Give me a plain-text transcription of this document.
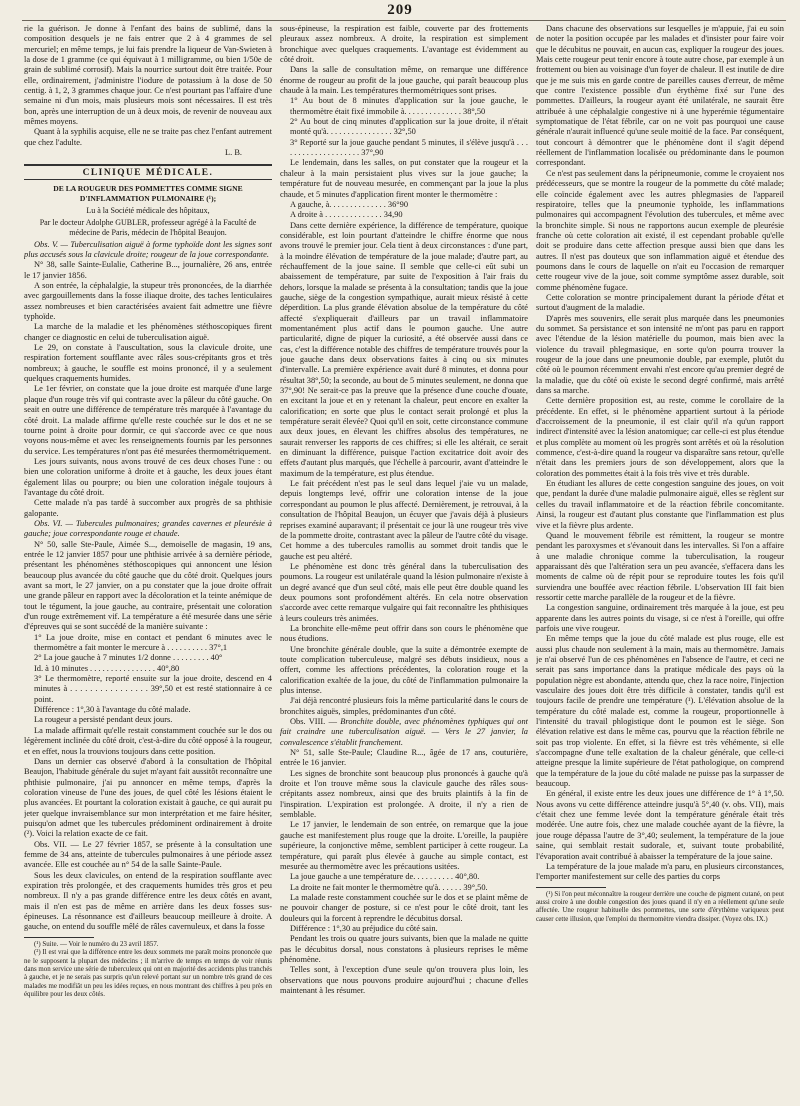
209

rie la guérison. Je donne à l'enfant des bains de sublimé, dans la composition desquels je ne fais entrer que 2 à 4 grammes de sel mercuriel; en même temps, je lui fais prendre la liqueur de Van-Swieten à la dose de 1 gramme (ce qui équivaut à 1 milligramme, ou bien 1/50e de grain de sublimé corrosif). Mais la nourrice surtout doit être traitée. Pour elle, ordinairement, j'administre l'iodure de potassium à la dose de 50 centig. à 1, 2, 3 grammes chaque jour. Ce n'est pourtant pas l'affaire d'une semaine ni d'un mois, mais plusieurs mois sont nécessaires. Il est très bon, après une interruption de un à deux mois, de revenir de nouveau aux mêmes moyens.

Quant à la syphilis acquise, elle ne se traite pas chez l'enfant autrement que chez l'adulte.

L. B.

CLINIQUE MÉDICALE.
DE LA ROUGEUR DES POMMETTES COMME SIGNE D'INFLAMMATION PULMONAIRE (¹);
Lu à la Société médicale des hôpitaux,
Par le docteur Adolphe GUBLER, professeur agrégé à la Faculté de médecine de Paris, médecin de l'hôpital Beaujon.

Obs. V. — Tuberculisation aiguë à forme typhoïde dont les signes sont plus accusés sous la clavicule droite; rougeur de la joue correspondante.

N° 38, salle Sainte-Eulalie, Catherine B..., journalière, 26 ans, entrée le 17 janvier 1856.

A son entrée, la céphalalgie, la stupeur très prononcées, de la diarrhée avec gargouillements dans la fosse iliaque droite, des taches lenticulaires assez nombreuses et bien caractérisées avaient fait admettre une fièvre typhoïde.

La marche de la maladie et les phénomènes stéthoscopiques firent changer ce diagnostic en celui de tuberculisation aiguë.

Le 29, on constate à l'auscultation, sous la clavicule droite, une respiration fortement soufflante avec râles sous-crépitants gros et très nombreux; à gauche, le souffle est moins prononcé, il y a seulement quelques craquements humides.

Le 1er février, on constate que la joue droite est marquée d'une large plaque d'un rouge très vif qui contraste avec la pâleur du côté gauche. On seait en outre une différence de température très marquée à l'avantage du côté droit. La malade affirme qu'elle reste couchée sur le dos et ne se tourne point à droite pour dormir, ce qui s'accorde avec ce que nous voyons nous-même et avec les renseignements fournis par les personnes du service. Les températures n'ont pas été mesurées thermométriquement.

Les jours suivants, nous avons trouvé de ces deux choses l'une : ou bien une coloration uniforme à droite et à gauche, les deux joues étant également lilas ou pourpre; ou bien une coloration inégale toujours à l'avantage du côté droit.

Cette malade n'a pas tardé à succomber aux progrès de sa phthisie galopante.

Obs. VI. — Tubercules pulmonaires; grandes cavernes et pleurésie à gauche; joue correspondante rouge et chaude.

N° 50, salle Ste-Paule, Aimée S..., demoiselle de magasin, 19 ans, entrée le 12 janvier 1857 pour une phthisie arrivée à sa dernière période, présentant les phénomènes stéthoscopiques qui annoncent une lésion beaucoup plus avancée du côté gauche que du côté droit. Quelques jours avant sa mort, le 27 janvier, on a pu constater que la joue droite offrait une grande pâleur en rapport avec la décoloration et la teinte anémique de tout le tégument, la joue gauche, au contraire, présentait une coloration d'un rouge extrêmement vif. La température a été mesurée dans une série d'épreuves qui se sont succédé de la manière suivante :

1° La joue droite, mise en contact et pendant 6 minutes avec le thermomètre a fait monter le mercure à . . . . . . . . . . 37°,1

2° La joue gauche à 7 minutes 1/2 donne . . . . . . . . . 40°

Id. à 10 minutes . . . . . . . . . . . . . . . . 40°,80

3° Le thermomètre, reporté ensuite sur la joue droite, descend en 4 minutes à . . . . . . . . . . . . . . . . 39°,50 et est resté stationnaire à ce point.

Différence : 1°,30 à l'avantage du côté malade.

La rougeur a persisté pendant deux jours.

La malade affirmait qu'elle restait constamment couchée sur le dos ou légèrement inclinée du côté droit, c'est-à-dire du côté opposé à la rougeur, et en effet, nous la trouvions toujours dans cette position.

Dans un dernier cas observé d'abord à la consultation de l'hôpital Beaujon, l'habitude générale du sujet m'ayant fait aussitôt reconnaître une phthisie pulmonaire, j'ai pu annoncer en même temps, d'après la coloration vineuse de l'une des joues, de quel côté les lésions étaient le plus avancées. Et pourtant la coloration existait à gauche, ce qui aurait pu jeter quelque invraisemblance sur mon interprétation et me faire hésiter, puisqu'on admet que les tubercules prédominent ordinairement à droite (²). Voici la relation exacte de ce fait.

Obs. VII. — Le 27 février 1857, se présente à la consultation une femme de 34 ans, atteinte de tubercules pulmonaires à une période assez avancée. Elle est couchée au n° 54 de la salle Sainte-Paule.

Sous les deux clavicules, on entend de la respiration soufflante avec expiration très prolongée, et des craquements humides très gros et peu nombreux. Il n'y a pas grande différence entre les deux côtés en avant, mais il n'en est pas de même en arrière dans les deux fosses sus-épineuses. La résonnance est d'ailleurs beaucoup meilleure à droite. A gauche, on entend du souffle mêlé de râles cavernuleux, et dans la fosse

(¹) Suite. — Voir le numéro du 23 avril 1857.

(²) Il est vrai que la différence entre les deux sommets me paraît moins prononcée que ne le supposent la plupart des médecins ; il m'arrive de temps en temps de voir réunis dans mon service une série de tuberculeux qui ont en majorité des accidents plus tranchés à gauche, et je ne serais pas surpris qu'un relevé portant sur un nombre très grand de ces malades me modifiât un peu les idées reçues, en nous montrant des chiffres à peu près en équilibre pour les deux côtés.

sous-épineuse, la respiration est faible, couverte par des frottements pleuraux assez nombreux. A droite, la respiration est simplement bronchique avec quelques craquements. L'avantage est évidemment au côté droit.

Dans la salle de consultation même, on remarque une différence énorme de rougeur au profit de la joue gauche, qui paraît beaucoup plus chaude à la main. Les températures thermométriques sont prises.

1° Au bout de 8 minutes d'application sur la joue gauche, le thermomètre était fixé immobile à. . . . . . . . . . . . . . 38°,50

2° Au bout de cinq minutes d'application sur la joue droite, il n'était monté qu'à. . . . . . . . . . . . . . . . 32°,50

3° Reporté sur la joue gauche pendant 5 minutes, il s'élève jusqu'à . . . . . . . . . . . . . . . . . . . . 37°,90

Le lendemain, dans les salles, on put constater que la rougeur et la chaleur à la main persistaient plus vives sur la joue gauche; la température fut de nouveau mesurée, en commençant par la joue la plus chaude, et 5 minutes d'application firent monter le thermomètre :

A gauche, à. . . . . . . . . . . . . . 36°90

A droite à . . . . . . . . . . . . . . 34,90

Dans cette dernière expérience, la différence de température, quoique considérable, est loin pourtant d'atteindre le chiffre énorme que nous avons trouvé le premier jour. Cela tient à deux circonstances : d'une part, à la moindre élévation de température de la joue malade; d'autre part, au réchauffement de la joue saine. Il semble que celle-ci eût subi un abaissement de température, par suite de l'exposition à l'air frais du dehors, lorsque la malade se présenta à la consultation; tandis que la joue gauche, siège de la congestion sympathique, aurait mieux résisté à cette déperdition. La plus grande élévation absolue de la température du côté affecté s'expliquerait d'ailleurs par un travail inflammatoire momentanément plus actif dans le poumon gauche. Une autre particularité, digne de piquer la curiosité, a été observée aussi dans ce cas, c'est la différence notable des chiffres de température trouvés pour la joue gauche dans deux observations faites à cinq ou six minutes d'intervalle. La première expérience avait duré 8 minutes, et donna pour résultat 38°,50; la seconde, au bout de 5 minutes seulement, ne donna que 37°,90! Ne serait-ce pas la preuve que la présence d'une couche d'ouate, en excitant la joue et en y retenant la chaleur, peut encore en exalter la calorification; en sorte que plus le contact serait prolongé et plus la température serait élevée? Quoi qu'il en soit, cette circonstance commune aux deux joues, en élevant les chiffres absolus des températures, ne saurait renverser les rapports de ces chiffres; si elle les altérait, ce serait en diminuant la différence, puisque l'action excitatrice doit avoir des effets d'autant plus marqués, que l'échelle à parcourir, avant d'atteindre le maximum de la température, est plus étendue.

Le fait précédent n'est pas le seul dans lequel j'aie vu un malade, depuis longtemps levé, offrir une coloration intense de la joue correspondant au poumon le plus affecté. Dernièrement, je retrouvai, à la consultation de l'hôpital Beaujon, un écuyer que j'avais déjà à plusieurs reprises examiné auparavant; il présentait ce jour là une rougeur très vive de la pommette droite, contrastant avec la pâleur de l'autre côté du visage. Cet homme a des tubercules ramollis au sommet droit tandis que le gauche est peu altéré.

Le phénomène est donc très général dans la tuberculisation des poumons. La rougeur est unilatérale quand la lésion pulmonaire n'existe à un degré avancé que d'un seul côté, mais elle peut être double quand les deux poumons sont profondément altérés. En cela notre observation s'accorde avec cette remarque vulgaire qui fait reconnaître les phthisiques à leurs couleurs très animées.

La bronchite elle-même peut offrir dans son cours le phénomène que nous étudions.

Une bronchite générale double, que la suite a démontrée exempte de toute complication tuberculeuse, malgré ses débuts insidieux, nous a offert, comme les affections précédentes, la coloration rouge et la calorification exaltée de la joue, du côté de l'inflammation pulmonaire la plus intense.

J'ai déjà rencontré plusieurs fois la même particularité dans le cours de bronchites aiguës, simples, prédominantes d'un côté.

Obs. VIII. — Bronchite double, avec phénomènes typhiques qui ont fait craindre une tuberculisation aiguë. — Vers le 27 janvier, la convalescence s'établit franchement.

N° 51, salle Ste-Paule; Claudine R..., âgée de 17 ans, couturière, entrée le 16 janvier.

Les signes de bronchite sont beaucoup plus prononcés à gauche qu'à droite et l'on trouve même sous la clavicule gauche des râles sous-crépitants assez nombreux, ainsi que des bruits plaintifs à la fin de l'inspiration. L'expiration est prolongée. A droite, il n'y a rien de semblable.

Le 17 janvier, le lendemain de son entrée, on remarque que la joue gauche est manifestement plus rouge que la droite. L'oreille, la paupière supérieure, la conjonctive même, semblent participer à cette rougeur. La température, qui paraît plus élevée à gauche au simple contact, est mesurée au thermomètre avec les précautions usitées.

La joue gauche a une température de. . . . . . . . . . 40°,80.

La droite ne fait monter le thermomètre qu'à. . . . . . 39°,50.

La malade reste constamment couchée sur le dos et se plaint même de ne pouvoir changer de posture, si ce n'est pour le côté droit, tant les douleurs qui la forcent à reprendre le décubitus dorsal.

Différence : 1°,30 au préjudice du côté sain.

Pendant les trois ou quatre jours suivants, bien que la malade ne quitte pas le décubitus dorsal, nous constatons à plusieurs reprises le même phénomène.

Telles sont, à l'exception d'une seule qu'on trouvera plus loin, les observations que nous pouvons produire aujourd'hui ; chacune d'elles maintenant à les résumer.

Dans chacune des observations sur lesquelles je m'appuie, j'ai eu soin de noter la position occupée par les malades et d'insister pour faire voir que le décubitus ne pouvait, en aucun cas, expliquer la rougeur des joues. Mais cette rougeur peut tenir encore à toute autre chose, par exemple à un frottement ou bien au voisinage d'un foyer de chaleur. Il est inutile de dire que je me suis mis en garde contre de pareilles causes d'erreur, de même que contre l'existence possible d'un érythème fixé sur l'une des pommettes. D'ailleurs, la rougeur ayant été unilatérale, ne saurait être attribuée à une céphalalgie congestive ni à une hyperémie tégumentaire symptomatique de l'état fébrile, car on ne voit pas pourquoi une cause générale n'aurait influencé qu'une seule moitié de la face. Par conséquent, tout concourt à démontrer que le phénomène dont il s'agit dépend réellement de l'inflammation localisée ou prédominante dans le poumon correspondant.

Ce n'est pas seulement dans la péripneumonie, comme le croyaient nos prédécesseurs, que se montre la rougeur de la pommette du côté malade; elle coïncide également avec les autres phlegmasies de l'appareil respiratoire, telles que la pneumonie typhoïde, les inflammations pulmonaires qui accompagnent l'évolution des tubercules, et même avec la bronchite simple. Si nous ne rapportons aucun exemple de pleurésie franche où cette coloration ait existé, il est cependant probable qu'elle doit se produire dans cette affection presque aussi bien que dans les autres. Il n'est pas douteux que son inflammation aiguë et étendue des poumons dans le cours de laquelle on n'ait eu l'occasion de remarquer cette rougeur vive de la joue, soit comme symptôme assez durable, soit comme phénomène fugace.

Cette coloration se montre principalement durant la période d'état et surtout d'augment de la maladie.

D'après mes souvenirs, elle serait plus marquée dans les pneumonies du sommet. Sa persistance et son intensité ne m'ont pas paru en rapport avec l'étendue de la lésion matérielle du poumon, mais bien avec la violence du travail phlegmasique, en sorte qu'on pourra trouver la rougeur de la joue dans une pneumonie double, par exemple, plutôt du côté où le poumon récemment envahi n'est encore qu'au premier degré de la maladie, que du côté où existe le second degré confirmé, mais arrêté dans sa marche.

Cette dernière proposition est, au reste, comme le corollaire de la précédente. En effet, si le phénomène appartient surtout à la période d'accroissement de la pneumonie, il est clair qu'il n'a qu'un rapport indirect d'intensité avec la lésion anatomique; car celle-ci est plus étendue et plus complète au moment où les progrès sont arrêtés et où la résolution commence, c'est-à-dire quand la rougeur va disparaître sans retour, qu'elle n'était dans les premiers jours de son développement, alors que la coloration des pommettes était à la fois très vive et très durable.

En étudiant les allures de cette congestion sanguine des joues, on voit que, pendant la durée d'une maladie pulmonaire aiguë, elles se règlent sur celles du travail inflammatoire et de la réaction fébrile concomitante. Ainsi, la rougeur est d'autant plus constante que l'inflammation est plus vive et la fièvre plus ardente.

Quand le mouvement fébrile est rémittent, la rougeur se montre pendant les paroxysmes et s'évanouit dans les intervalles. Si l'on a affaire à une maladie chronique comme la tuberculisation, la rougeur apparaissant dès que l'altération sera un peu avancée, s'effacera dans les moments de calme où de répit pour se reproduire toutes les fois qu'il surviendra une bouffée avec réaction fébrile. L'observation III fait bien ressortir cette marche parallèle de la rougeur et de la fièvre.

La congestion sanguine, ordinairement très marquée à la joue, est peu apparente dans les autres points du visage, si ce n'est à l'oreille, qui offre parfois une vive rougeur.

En même temps que la joue du côté malade est plus rouge, elle est aussi plus chaude non seulement à la main, mais au thermomètre. Jamais je n'ai observé l'un de ces phénomènes en l'absence de l'autre, et ceci ne serait pas sans importance dans la pratique médicale des pays où la population nègre est abondante, attendu que, chez la race noire, l'injection vasculaire des joues doit être très difficile à constater, tandis qu'il est toujours facile de prendre une température (¹). L'élévation absolue de la température du côté malade est, comme la rougeur, proportionnelle à l'intensité du travail phlogistique dont le poumon est le siège. Son élévation relative est dans le même cas, pourvu que la réaction fébrile ne soit pas trop violente. En effet, si la fièvre est très véhémente, si elle s'accompagne d'une telle exaltation de la chaleur générale, que celle-ci atteigne presque la limite supérieure de l'état pathologique, on comprend que la température de la joue du côté malade ne puisse pas la surpasser de beaucoup.

En général, il existe entre les deux joues une différence de 1° à 1°,50. Nous avons vu cette différence atteindre jusqu'à 5°,40 (v. obs. VII), mais c'était chez une femme levée dont la température générale était très modérée. Une autre fois, chez une malade couchée ayant de la fièvre, la joue rouge dépassa l'autre de 3°,40; seulement, la température de la joue saine, qui semblait restait sudorale, et, suivant toute probabilité, l'évaporation avait contribué à abaisser la température de la joue saine.

La température de la joue malade m'a paru, en plusieurs circonstances, l'emporter manifestement sur celle des parties du corps

(¹) Si l'on peut méconnaître la rougeur derrière une couche de pigment cutané, on peut aussi croire à une double congestion des joues quand il n'y en a réellement qu'une seule affectée. Une rougeur habituelle des pommettes, une sorte d'érythème variqueux peut causer cette illusion, que l'emploi du thermomètre viendra dissiper. (Voyez obs. IX.)
